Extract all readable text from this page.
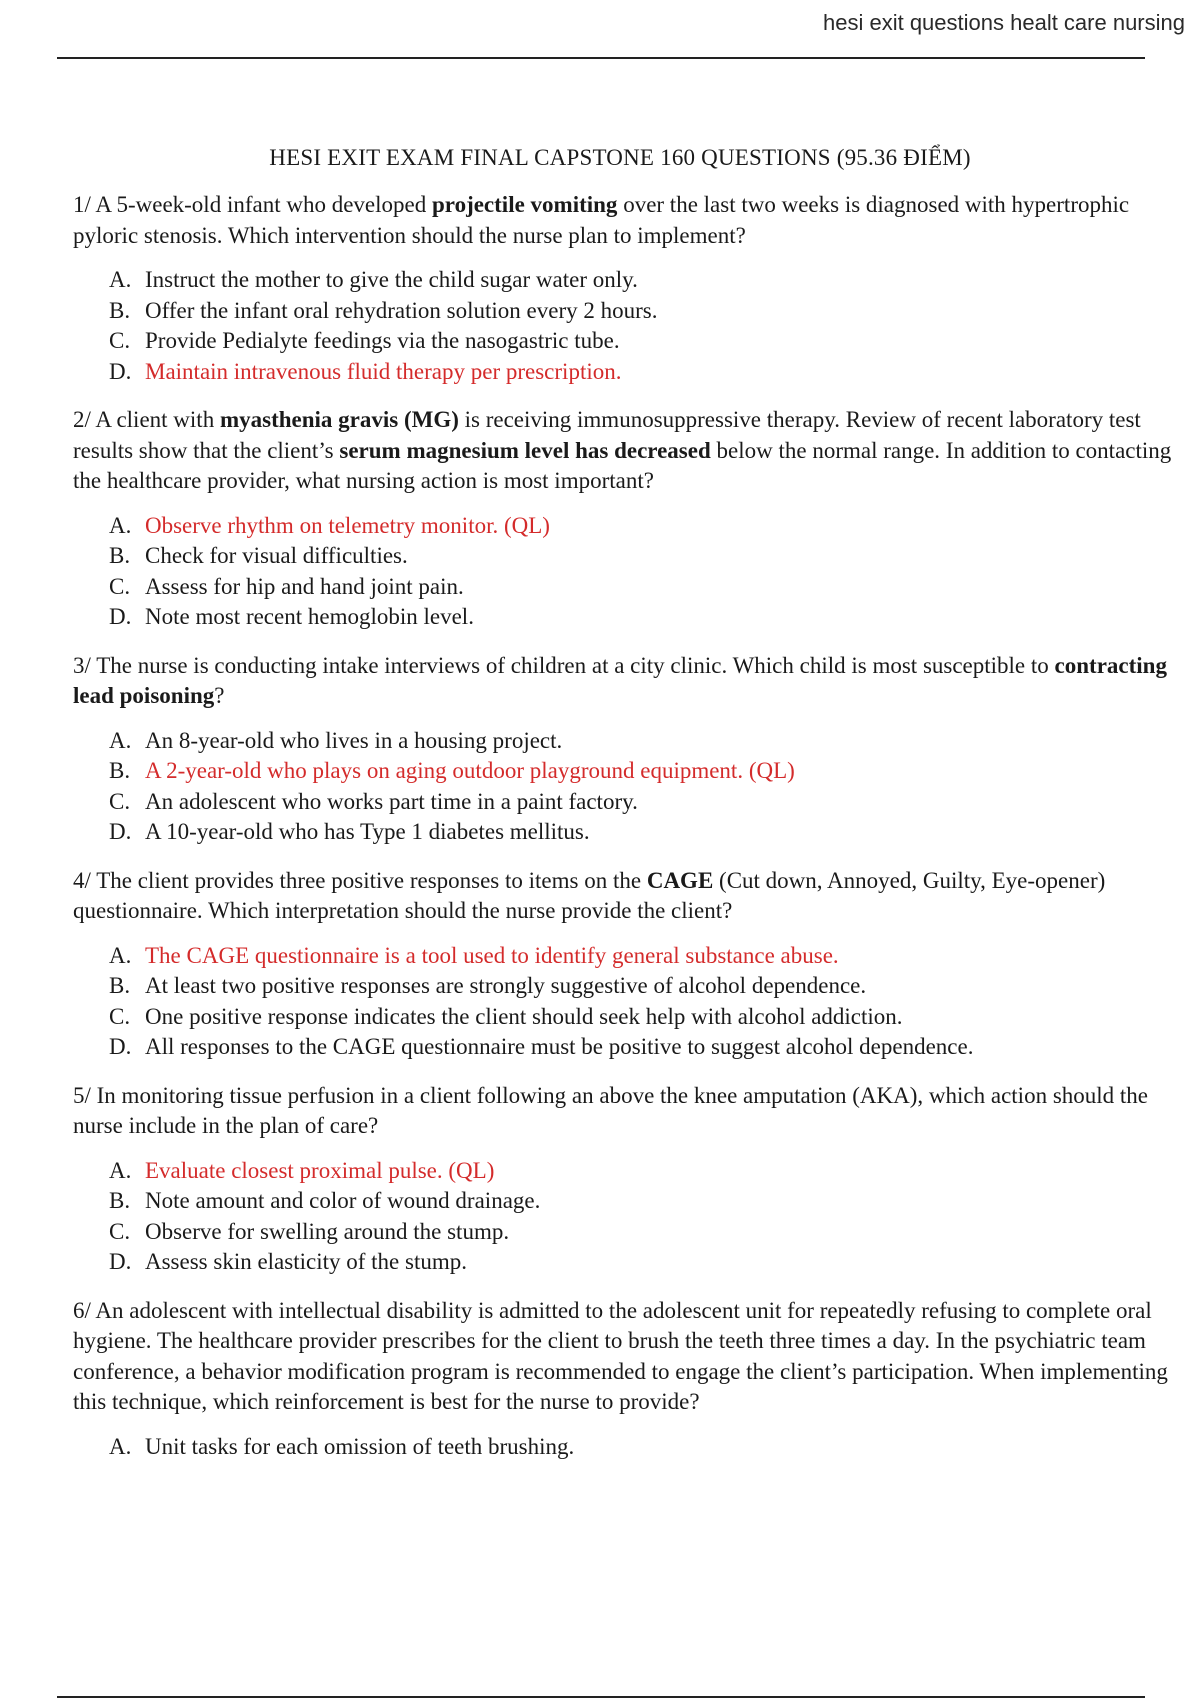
hesi exit questions healt care nursing
HESI EXIT EXAM FINAL CAPSTONE 160 QUESTIONS (95.36 ĐIỂM)

1/ A 5-week-old infant who developed projectile vomiting over the last two weeks is diagnosed with hypertrophic pyloric stenosis. Which intervention should the nurse plan to implement?

A. Instruct the mother to give the child sugar water only.
B. Offer the infant oral rehydration solution every 2 hours.
C. Provide Pedialyte feedings via the nasogastric tube.
D. Maintain intravenous fluid therapy per prescription.

2/ A client with myasthenia gravis (MG) is receiving immunosuppressive therapy. Review of recent laboratory test results show that the client’s serum magnesium level has decreased below the normal range. In addition to contacting the healthcare provider, what nursing action is most important?

A. Observe rhythm on telemetry monitor. (QL)
B. Check for visual difficulties.
C. Assess for hip and hand joint pain.
D. Note most recent hemoglobin level.

3/ The nurse is conducting intake interviews of children at a city clinic. Which child is most susceptible to contracting lead poisoning?

A. An 8-year-old who lives in a housing project.
B. A 2-year-old who plays on aging outdoor playground equipment. (QL)
C. An adolescent who works part time in a paint factory.
D. A 10-year-old who has Type 1 diabetes mellitus.

4/ The client provides three positive responses to items on the CAGE (Cut down, Annoyed, Guilty, Eye-opener) questionnaire. Which interpretation should the nurse provide the client?

A. The CAGE questionnaire is a tool used to identify general substance abuse.
B. At least two positive responses are strongly suggestive of alcohol dependence.
C. One positive response indicates the client should seek help with alcohol addiction.
D. All responses to the CAGE questionnaire must be positive to suggest alcohol dependence.

5/ In monitoring tissue perfusion in a client following an above the knee amputation (AKA), which action should the nurse include in the plan of care?

A. Evaluate closest proximal pulse. (QL)
B. Note amount and color of wound drainage.
C. Observe for swelling around the stump.
D. Assess skin elasticity of the stump.

6/ An adolescent with intellectual disability is admitted to the adolescent unit for repeatedly refusing to complete oral hygiene. The healthcare provider prescribes for the client to brush the teeth three times a day. In the psychiatric team conference, a behavior modification program is recommended to engage the client’s participation. When implementing this technique, which reinforcement is best for the nurse to provide?

A. Unit tasks for each omission of teeth brushing.
